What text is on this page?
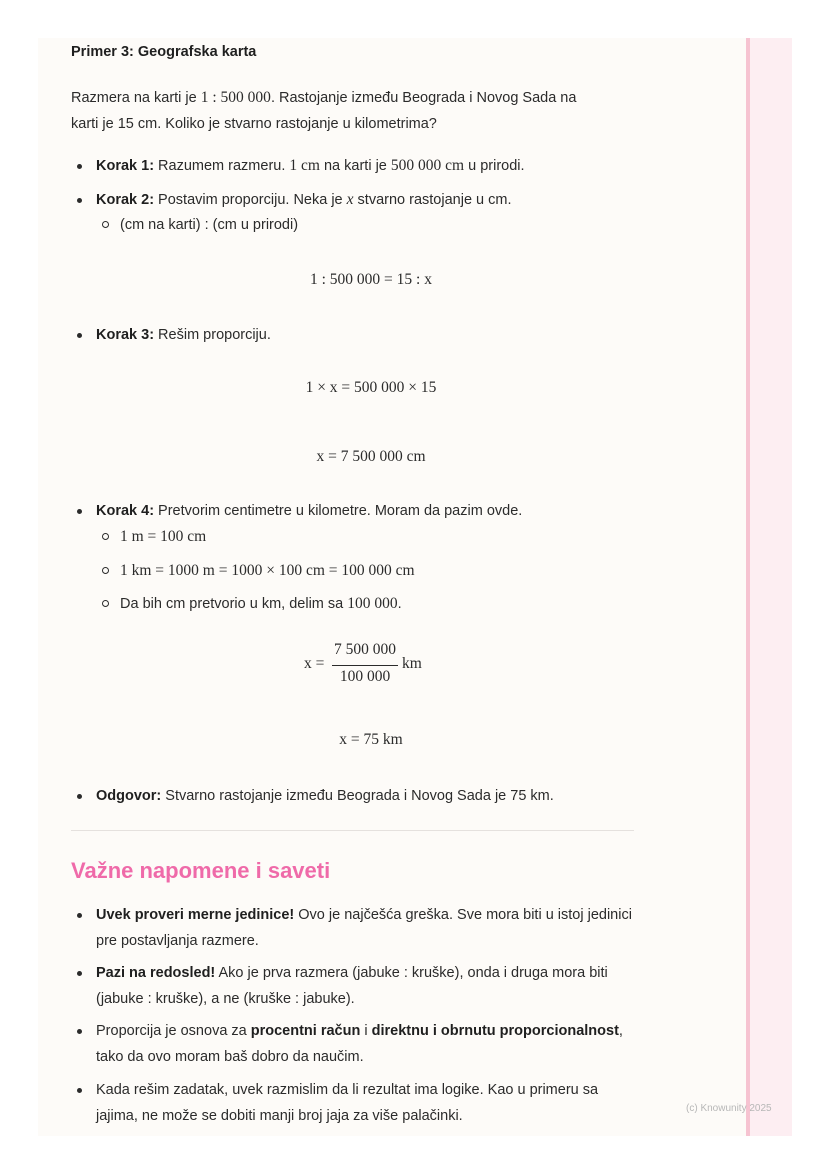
Primer 3: Geografska karta
Razmera na karti je 1 : 500 000. Rastojanje između Beograda i Novog Sada na
karti je 15 cm. Koliko je stvarno rastojanje u kilometrima?
Korak 1: Razumem razmeru. 1 cm na karti je 500 000 cm u prirodi.
Korak 2: Postavim proporciju. Neka je x stvarno rastojanje u cm.
(cm na karti) : (cm u prirodi)
1 : 500 000 = 15 : x
Korak 3: Rešim proporciju.
1 × x = 500 000 × 15
x = 7 500 000 cm
Korak 4: Pretvorim centimetre u kilometre. Moram da pazim ovde.
1 m = 100 cm
1 km = 1000 m = 1000 × 100 cm = 100 000 cm
Da bih cm pretvorio u km, delim sa 100 000.
x =
7 500 000
100 000
km
x = 75 km
Odgovor: Stvarno rastojanje između Beograda i Novog Sada je 75 km.
Važne napomene i saveti
Uvek proveri merne jedinice! Ovo je najčešća greška. Sve mora biti u istoj jedinici pre postavljanja razmere.
Pazi na redosled! Ako je prva razmera (jabuke : kruške), onda i druga mora biti (jabuke : kruške), a ne (kruške : jabuke).
Proporcija je osnova za procentni račun i direktnu i obrnutu proporcionalnost, tako da ovo moram baš dobro da naučim.
Kada rešim zadatak, uvek razmislim da li rezultat ima logike. Kao u primeru sa jajima, ne može se dobiti manji broj jaja za više palačinki.	(c) Knowunity 2025
